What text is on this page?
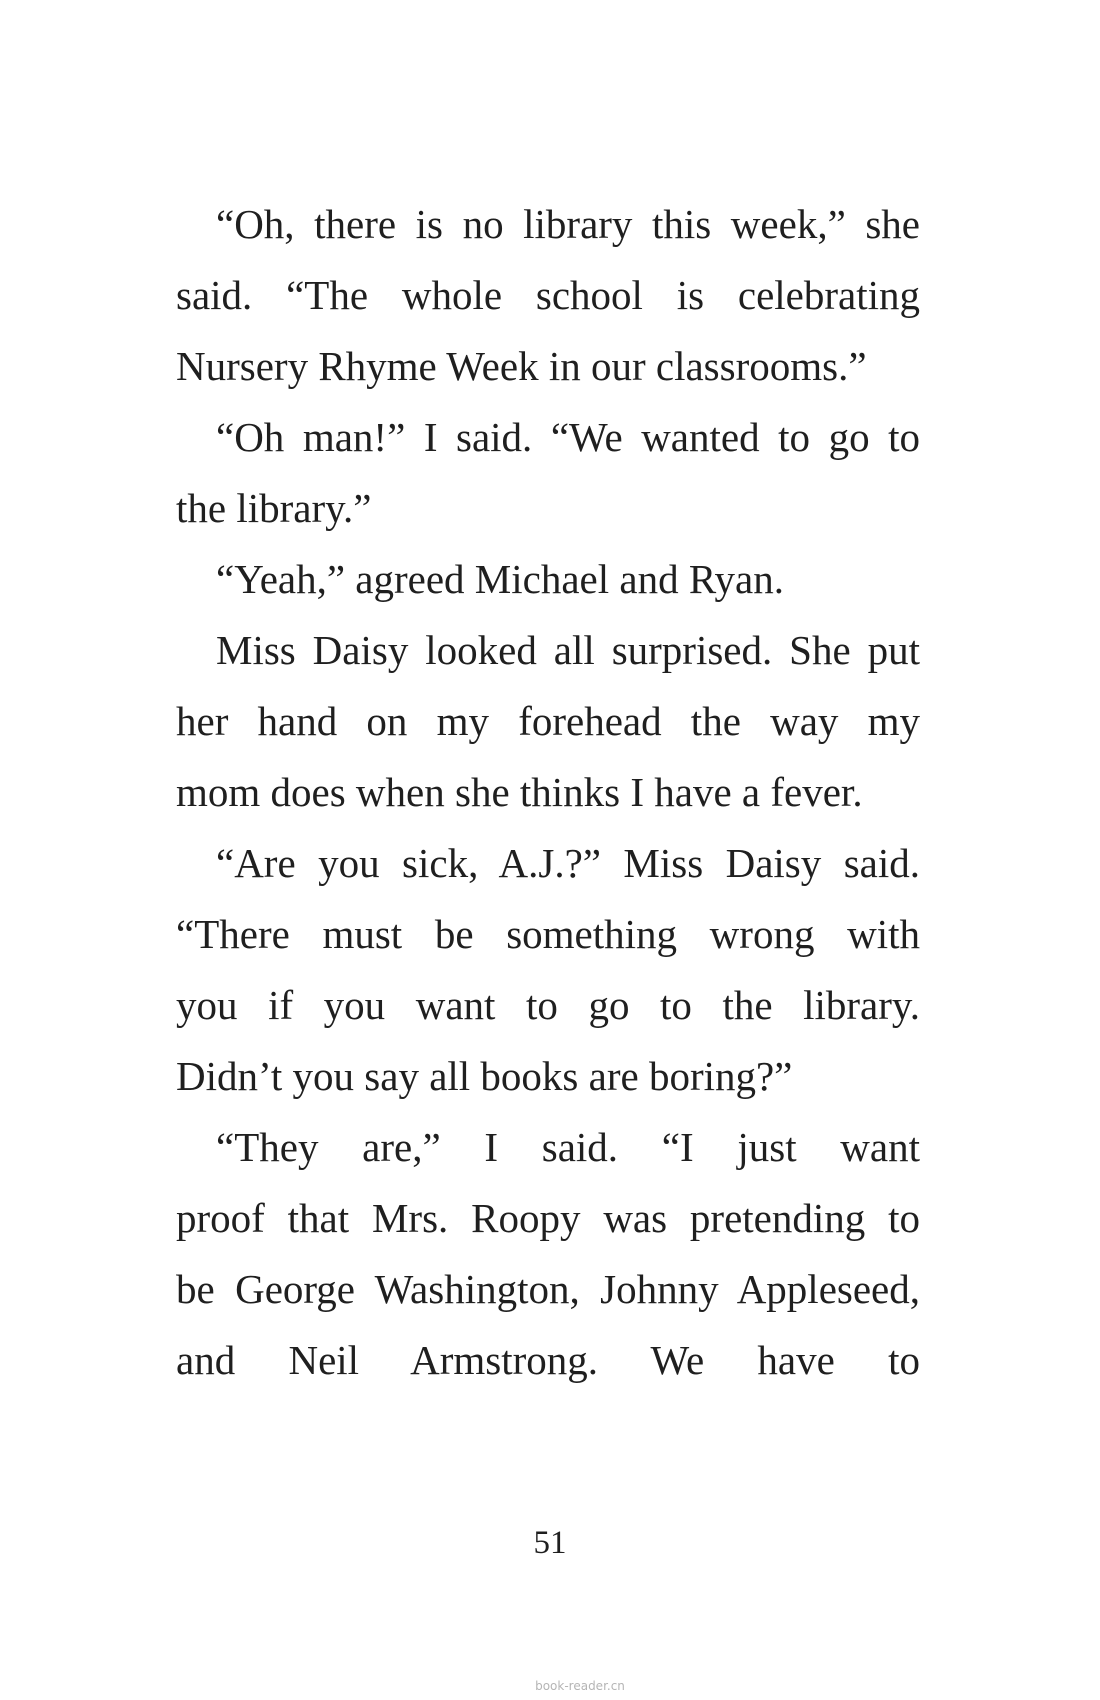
“Oh, there is no library this week,” she
said. “The whole school is celebrating
Nursery Rhyme Week in our classrooms.”
“Oh man!” I said. “We wanted to go to
the library.”
“Yeah,” agreed Michael and Ryan.
Miss Daisy looked all surprised. She put
her hand on my forehead the way my
mom does when she thinks I have a fever.
“Are you sick, A.J.?” Miss Daisy said.
“There must be something wrong with
you if you want to go to the library.
Didn’t you say all books are boring?”
“They are,” I said. “I just want
proof that Mrs. Roopy was pretending to
be George Washington, Johnny Appleseed,
and Neil Armstrong. We have to
51
book-reader.cn
